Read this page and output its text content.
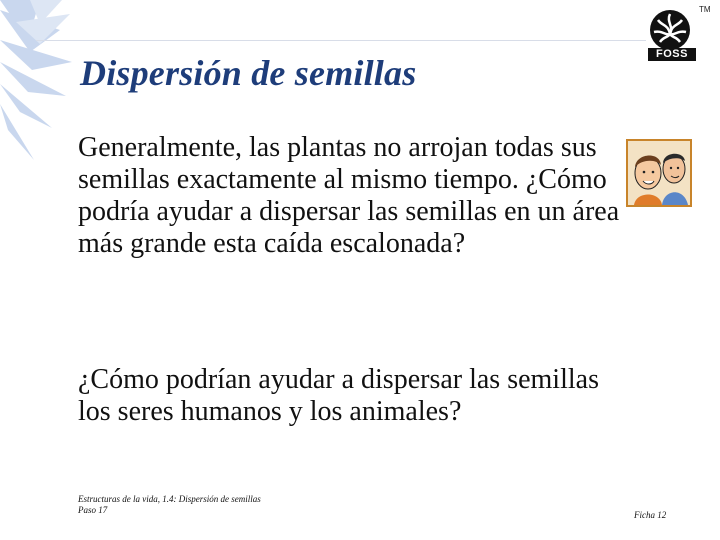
TM
FOSS
Dispersión de semillas

Generalmente, las plantas no arrojan todas sus semillas exactamente al mismo tiempo. ¿Cómo podría ayudar a dispersar las semillas en un área más grande esta caída escalonada?

¿Cómo podrían ayudar a dispersar las semillas los seres humanos y los animales?

Estructuras de la vida, 1.4: Dispersión de semillas
Paso 17	Ficha 12
